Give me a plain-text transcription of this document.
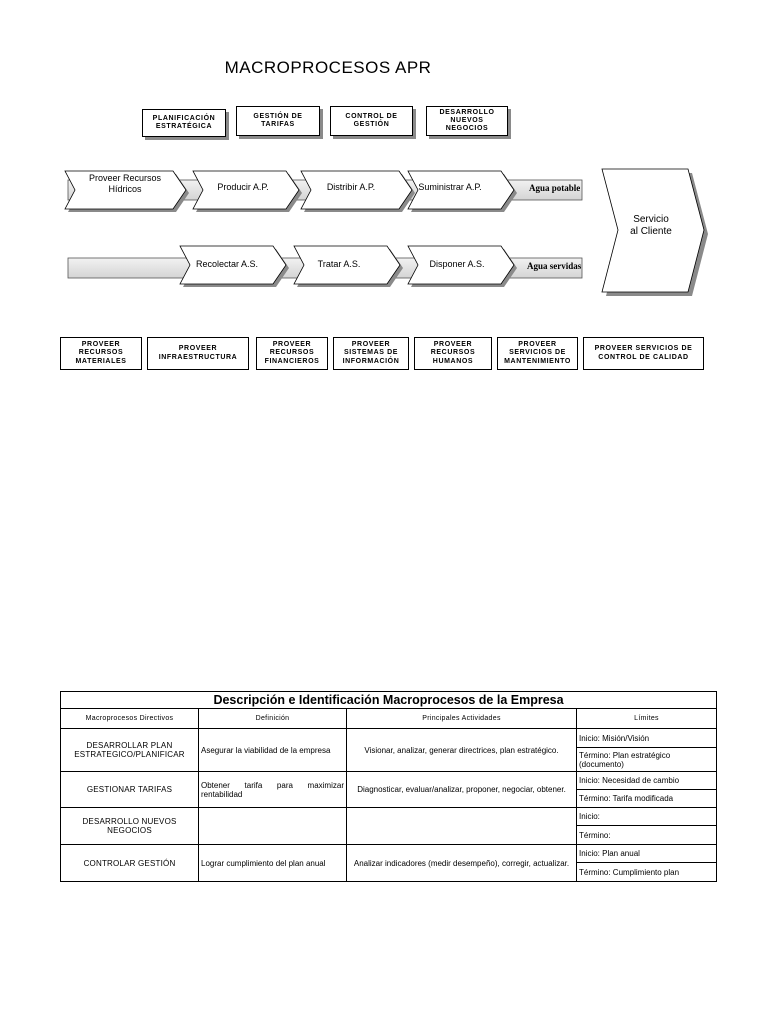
MACROPROCESOS APR
PLANIFICACIÓN
ESTRATÉGICA
GESTIÓN DE
TARIFAS
CONTROL DE
GESTIÓN
DESARROLLO
NUEVOS NEGOCIOS
Proveer Recursos
Hídricos	Producir A.P.	Distribir A.P.	Suministrar A.P.	Agua potable
Recolectar A.S.	Tratar A.S.	Disponer A.S.	Agua servidas
Servicio
al Cliente
PROVEER
RECURSOS
MATERIALES
PROVEER
INFRAESTRUCTURA
PROVEER
RECURSOS
FINANCIEROS
PROVEER
SISTEMAS DE
INFORMACIÓN
PROVEER
RECURSOS
HUMANOS
PROVEER
SERVICIOS DE
MANTENIMIENTO
PROVEER SERVICIOS DE
CONTROL DE CALIDAD
Descripción e Identificación Macroprocesos de la Empresa			
Macroprocesos Directivos	Definición	Principales Actividades	Límites
DESARROLLAR PLAN ESTRATEGICO/PLANIFICAR	Asegurar la viabilidad de la empresa	Visionar, analizar, generar directrices, plan estratégico.	Inicio: Misión/Visión
			Término: Plan estratégico (documento)
GESTIONAR TARIFAS	Obtener tarifa para maximizar rentabilidad	Diagnosticar, evaluar/analizar, proponer, negociar, obtener.	Inicio: Necesidad de cambio
			Término: Tarifa modificada
DESARROLLO NUEVOS NEGOCIOS			Inicio:
			Término:
CONTROLAR GESTIÓN	Lograr cumplimiento del plan anual	Analizar indicadores (medir desempeño), corregir, actualizar.	Inicio: Plan anual
			Término: Cumplimiento plan
